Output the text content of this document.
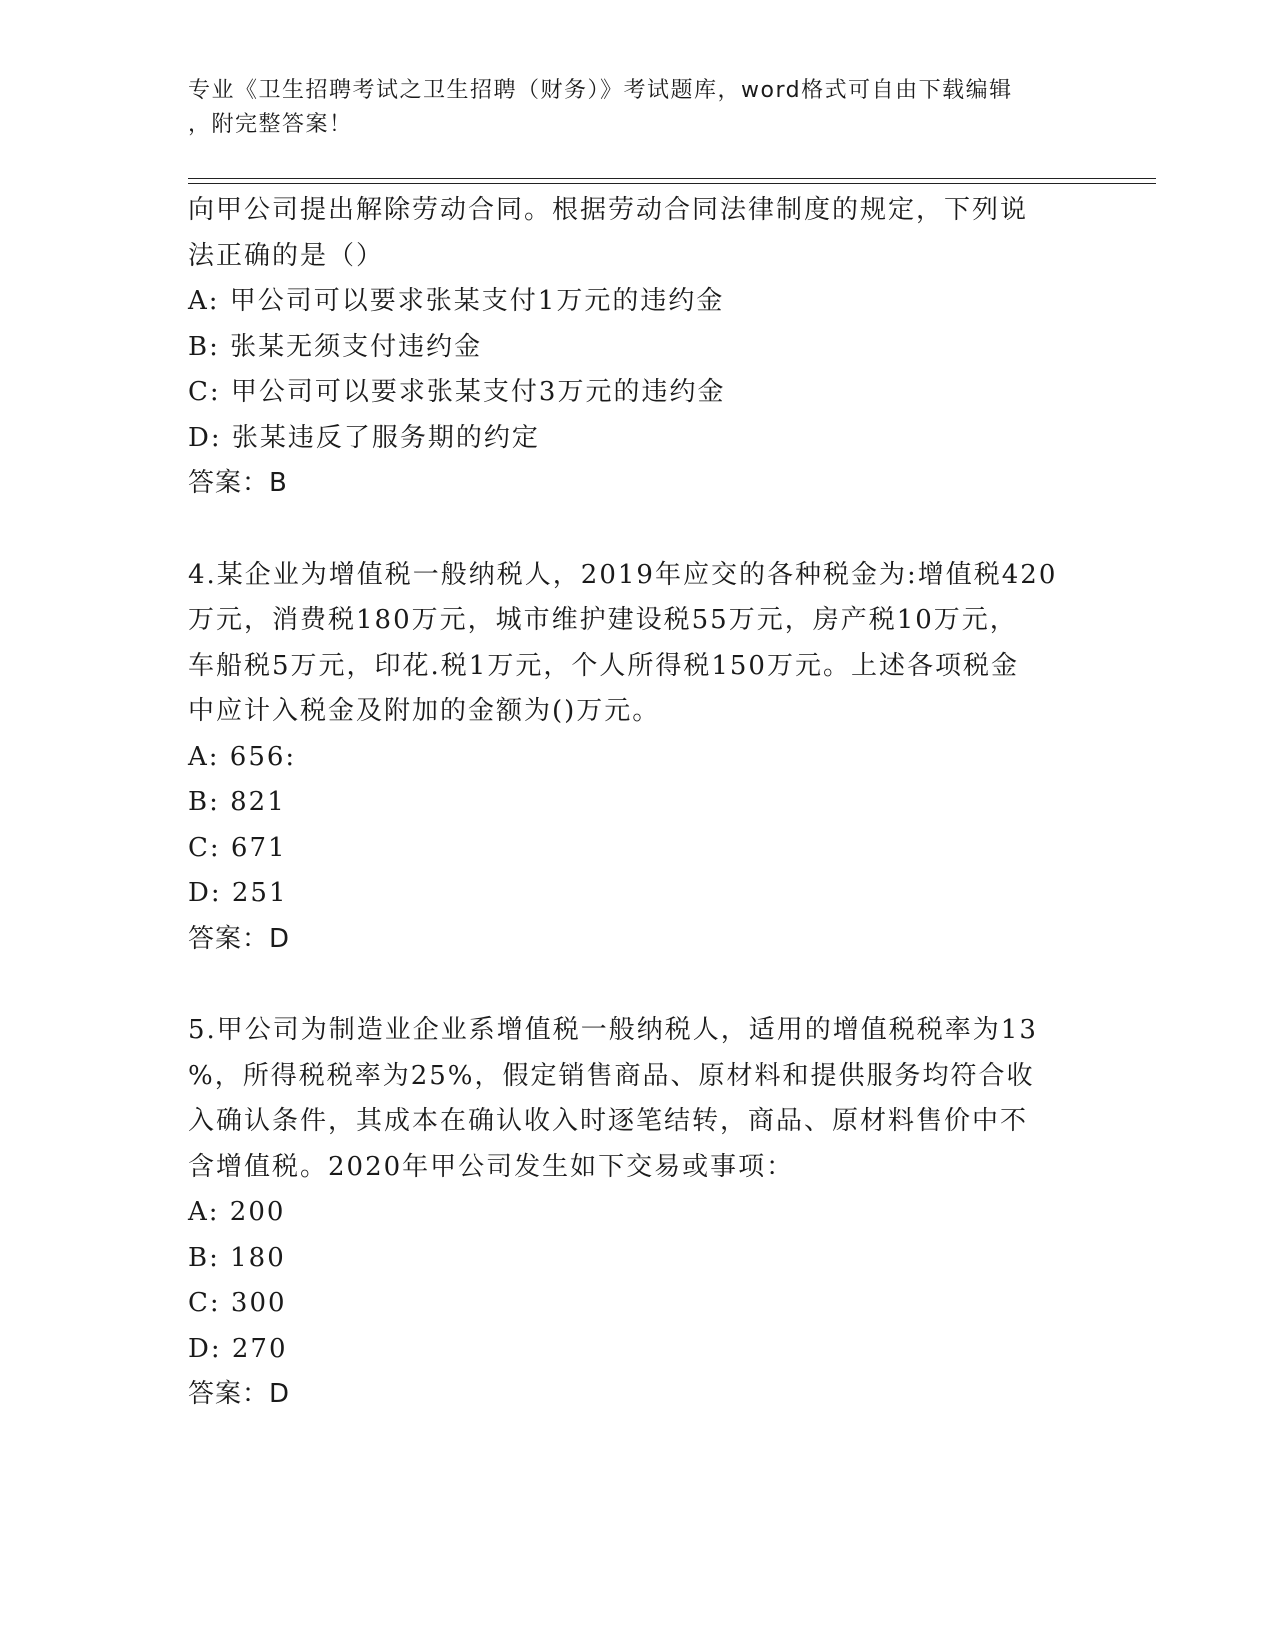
专业《卫生招聘考试之卫生招聘（财务）》考试题库，word格式可自由下载编辑
，附完整答案！
向甲公司提出解除劳动合同。根据劳动合同法律制度的规定，下列说
法正确的是（）
A: 甲公司可以要求张某支付1万元的违约金
B: 张某无须支付违约金
C: 甲公司可以要求张某支付3万元的违约金
D: 张某违反了服务期的约定
答案：B
4.某企业为增值税一般纳税人，2019年应交的各种税金为:增值税420
万元，消费税180万元，城市维护建设税55万元，房产税10万元，
车船税5万元，印花.税1万元，个人所得税150万元。上述各项税金
中应计入税金及附加的金额为()万元。
A: 656:
B: 821
C: 671
D: 251
答案：D
5.甲公司为制造业企业系增值税一般纳税人，适用的增值税税率为13
%，所得税税率为25%，假定销售商品、原材料和提供服务均符合收
入确认条件，其成本在确认收入时逐笔结转，商品、原材料售价中不
含增值税。2020年甲公司发生如下交易或事项：
A: 200
B: 180
C: 300
D: 270
答案：D
